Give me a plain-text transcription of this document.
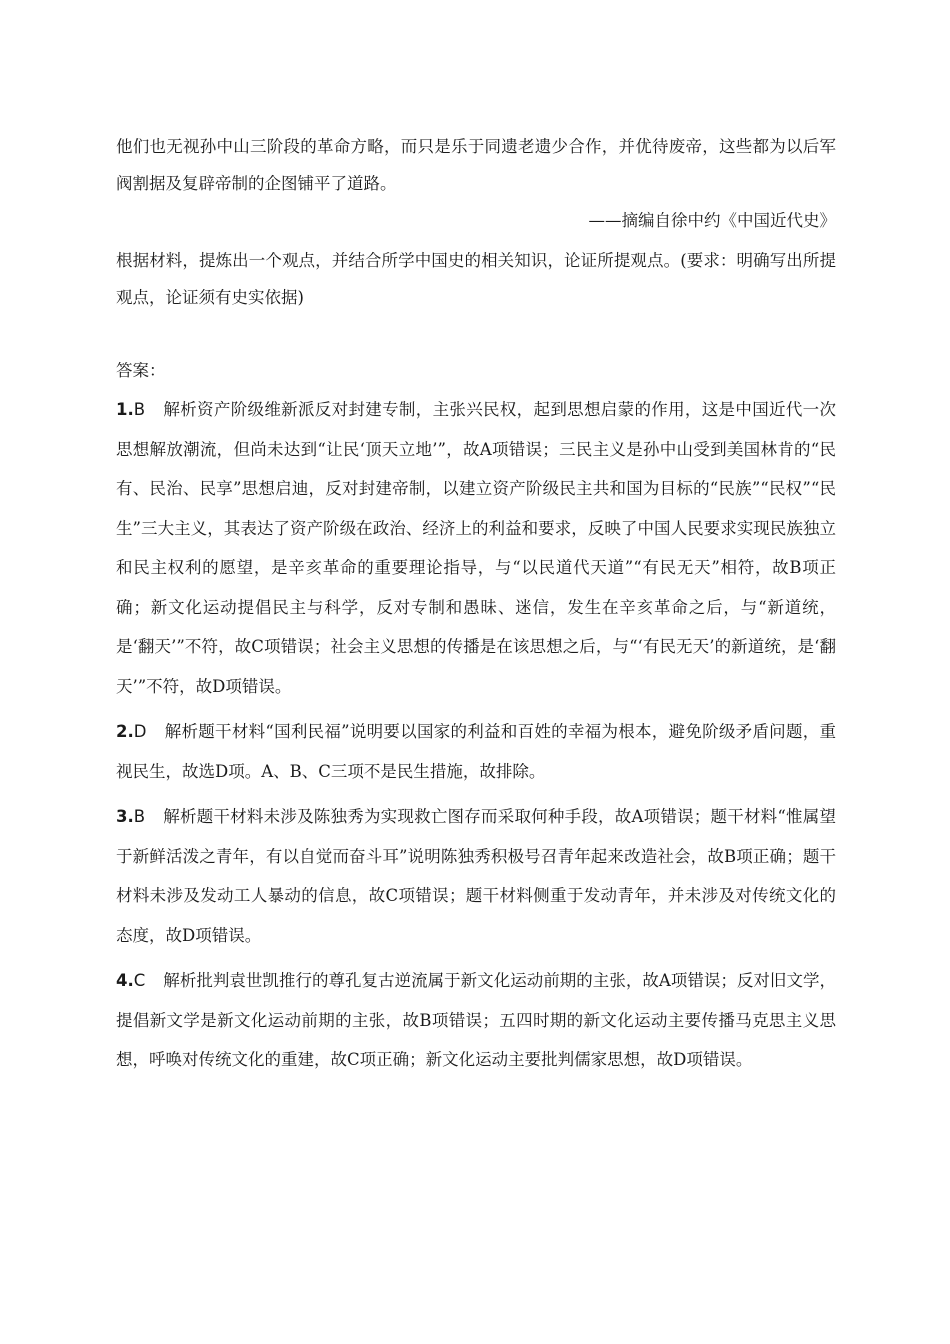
他们也无视孙中山三阶段的革命方略，而只是乐于同遗老遗少合作，并优待废帝，这些都为以后军阀割据及复辟帝制的企图铺平了道路。

——摘编自徐中约《中国近代史》

根据材料，提炼出一个观点，并结合所学中国史的相关知识，论证所提观点。(要求：明确写出所提观点，论证须有史实依据)

答案：

1.B 解析资产阶级维新派反对封建专制，主张兴民权，起到思想启蒙的作用，这是中国近代一次思想解放潮流，但尚未达到“让民‘顶天立地’”，故A项错误；三民主义是孙中山受到美国林肯的“民有、民治、民享”思想启迪，反对封建帝制，以建立资产阶级民主共和国为目标的“民族”“民权”“民生”三大主义，其表达了资产阶级在政治、经济上的利益和要求，反映了中国人民要求实现民族独立和民主权利的愿望，是辛亥革命的重要理论指导，与“以民道代天道”“有民无天”相符，故B项正确；新文化运动提倡民主与科学，反对专制和愚昧、迷信，发生在辛亥革命之后，与“新道统，是‘翻天’”不符，故C项错误；社会主义思想的传播是在该思想之后，与“‘有民无天’的新道统，是‘翻天’”不符，故D项错误。

2.D 解析题干材料“国利民福”说明要以国家的利益和百姓的幸福为根本，避免阶级矛盾问题，重视民生，故选D项。A、B、C三项不是民生措施，故排除。

3.B 解析题干材料未涉及陈独秀为实现救亡图存而采取何种手段，故A项错误；题干材料“惟属望于新鲜活泼之青年，有以自觉而奋斗耳”说明陈独秀积极号召青年起来改造社会，故B项正确；题干材料未涉及发动工人暴动的信息，故C项错误；题干材料侧重于发动青年，并未涉及对传统文化的态度，故D项错误。

4.C 解析批判袁世凯推行的尊孔复古逆流属于新文化运动前期的主张，故A项错误；反对旧文学，提倡新文学是新文化运动前期的主张，故B项错误；五四时期的新文化运动主要传播马克思主义思想，呼唤对传统文化的重建，故C项正确；新文化运动主要批判儒家思想，故D项错误。
